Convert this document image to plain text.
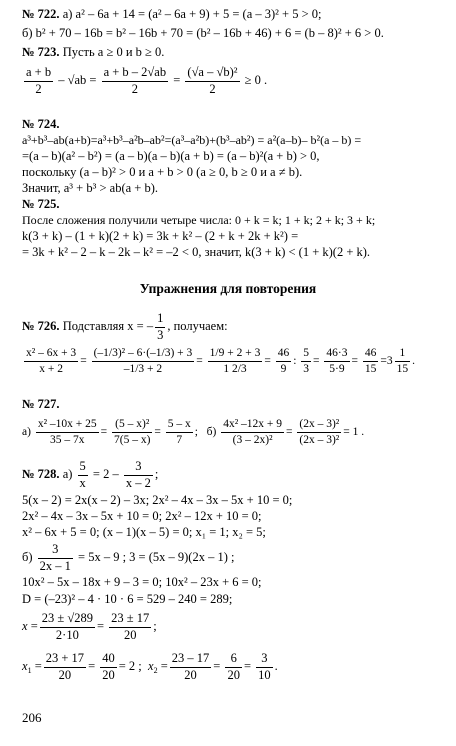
№ 722. а) a² – 6a + 14 = (a² – 6a + 9) + 5 = (a – 3)² + 5 > 0;
б) b² + 70 – 16b = b² – 16b + 70 = (b² – 16b + 46) + 6 = (b – 8)² + 6 > 0.
№ 723. Пусть a ≥ 0 и b ≥ 0.
$\frac{a + b}{2} - √ab = \frac{a + b - 2√ab}{2} = \frac{\text{(√a – √b)²}}{2} \ge 0$ .
№ 724.
a³+b³–ab(a+b)=a³+b³–a²b–ab²=(a³–a²b)+(b³–ab²) = a²(a–b)– b²(a – b) =
=(a – b)(a² – b²) = (a – b)(a – b)(a + b) = (a – b)²(a + b) > 0,
поскольку (a – b)² > 0 и a + b > 0 (a ≥ 0, b ≥ 0 и a ≠ b).
Значит, a³ + b³ > ab(a + b).
№ 725.
После сложения получили четыре числа: 0 + k = k; 1 + k; 2 + k; 3 + k;
k(3 + k) – (1 + k)(2 + k) = 3k + k² – (2 + k + 2k + k²) =
= 3k + k² – 2 – k – 2k – k² = –2 < 0, значит, k(3 + k) < (1 + k)(2 + k).
Упражнения для повторения
№ 726. Подставляя x = – $\frac{1}{3}$ , получаем:
$\frac{\text{x² – 6x + 3}}{x + 2} = \frac{\text{(–1/3)² – 6·(–1/3) + 3}}{-1/3 + 2} = \frac{1/9 + 2 + 3}{1 2/3} = \frac{46}{9}$ : $\frac{5}{3} = \frac{46\cdot 3}{5\cdot 9} = \frac{46}{15} =3 \frac{1}{15}$ .
№ 727.
$а) \frac{\text{x² –10x + 25}}{35 - 7x} = \frac{\text{(5 – x)²}}{7(5 - x)} = \frac{5 - x}{7}$ ;   $б) \frac{\text{4x² –12x + 9}}{\text{(3 – 2x)²}} = \frac{\text{(2x – 3)²}}{\text{(2x – 3)²}} = 1$ .
№ 728. $а) \frac{5}{x} = 2 - \frac{3}{x - 2}$ ;
5(x – 2) = 2x(x – 2) – 3x; 2x² – 4x – 3x – 5x + 10 = 0;
2x² – 4x – 3x – 5x + 10 = 0; 2x² – 12x + 10 = 0;
x² – 6x + 5 = 0; (x – 1)(x – 5) = 0; x₁ = 1; x₂ = 5;
$б) \frac{3}{2x - 1} = 5x - 9$ ; 3 = (5x – 9)(2x – 1) ;
10x² – 5x – 18x + 9 – 3 = 0; 10x² – 23x + 6 = 0;
D = (–23)² – 4 · 10 · 6 = 529 – 240 = 289;
$x = \frac{23 \pm √289}{2\cdot 10} = \frac{23 \pm 17}{20}$ ;
$x_1 = \frac{23 + 17}{20} = \frac{40}{20} = 2$ ; $x_2 = \frac{23 - 17}{20} = \frac{6}{20} = \frac{3}{10}$ .
206
